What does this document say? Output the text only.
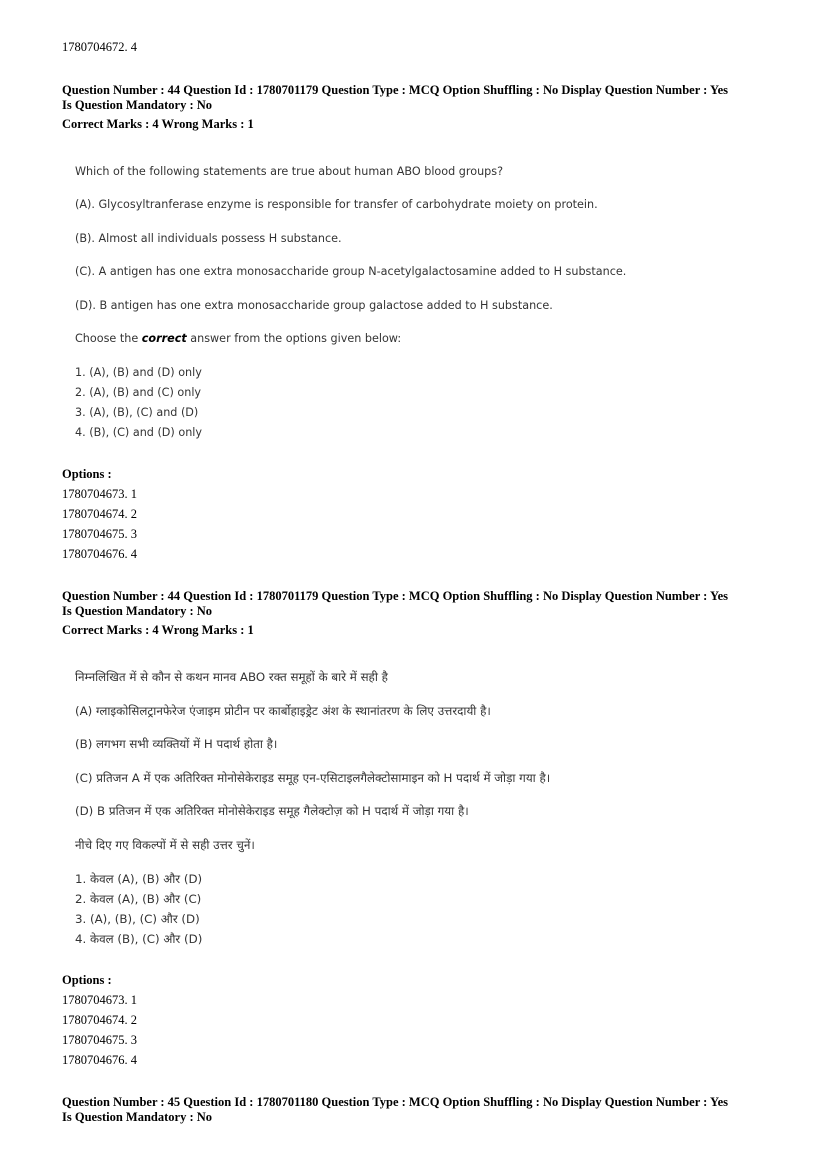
1780704672. 4
Question Number : 44 Question Id : 1780701179 Question Type : MCQ Option Shuffling : No Display Question Number : Yes
Is Question Mandatory : No
Correct Marks : 4 Wrong Marks : 1
Which of the following statements are true about human ABO blood groups?
(A). Glycosyltranferase enzyme is responsible for transfer of carbohydrate moiety on protein.
(B). Almost all individuals possess H substance.
(C). A antigen has one extra monosaccharide group N-acetylgalactosamine added to H substance.
(D). B antigen has one extra monosaccharide group galactose added to H substance.
Choose the correct answer from the options given below:
1. (A), (B) and (D) only
2. (A), (B) and (C) only
3. (A), (B), (C) and (D)
4. (B), (C) and (D) only
Options :
1780704673. 1
1780704674. 2
1780704675. 3
1780704676. 4
Question Number : 44 Question Id : 1780701179 Question Type : MCQ Option Shuffling : No Display Question Number : Yes
Is Question Mandatory : No
Correct Marks : 4 Wrong Marks : 1
निम्नलिखित में से कौन से कथन मानव ABO रक्त समूहों के बारे में सही है
(A) ग्लाइकोसिलट्रानफेरेज एंजाइम प्रोटीन पर कार्बोहाइड्रेट अंश के स्थानांतरण के लिए उत्तरदायी है।
(B) लगभग सभी व्यक्तियों में H पदार्थ होता है।
(C) प्रतिजन A में एक अतिरिक्त मोनोसेकेराइड समूह एन-एसिटाइलगैलेक्टोसामाइन को H पदार्थ में जोड़ा गया है।
(D) B प्रतिजन में एक अतिरिक्त मोनोसेकेराइड समूह गैलेक्टोज़ को H पदार्थ में जोड़ा गया है।
नीचे दिए गए विकल्पों में से सही उत्तर चुनें।
1. केवल (A), (B) और (D)
2. केवल (A), (B) और (C)
3. (A), (B), (C) और (D)
4. केवल (B), (C) और (D)
Options :
1780704673. 1
1780704674. 2
1780704675. 3
1780704676. 4
Question Number : 45 Question Id : 1780701180 Question Type : MCQ Option Shuffling : No Display Question Number : Yes
Is Question Mandatory : No
